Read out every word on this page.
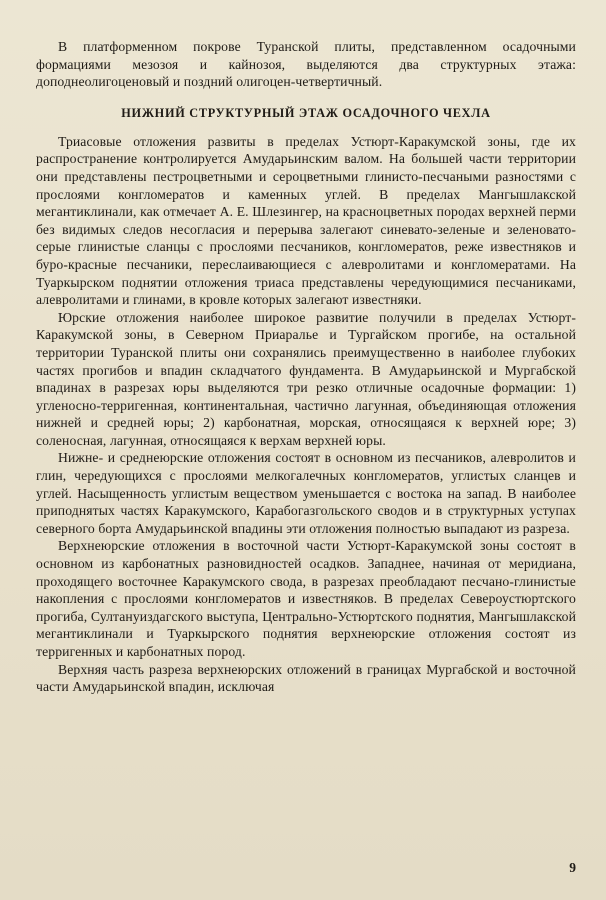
В платформенном покрове Туранской плиты, представленном осадочными формациями мезозоя и кайнозоя, выделяются два структурных этажа: доподнеолигоценовый и поздний олигоцен-четвертичный.

НИЖНИЙ СТРУКТУРНЫЙ ЭТАЖ ОСАДОЧНОГО ЧЕХЛА

Триасовые отложения развиты в пределах Устюрт-Каракумской зоны, где их распространение контролируется Амударьинским валом. На большей части территории они представлены пестроцветными и сероцветными глинисто-песчаными разностями с прослоями конгломератов и каменных углей. В пределах Мангышлакской мегантиклинали, как отмечает А. Е. Шлезингер, на красноцветных породах верхней перми без видимых следов несогласия и перерыва залегают синевато-зеленые и зеленовато-серые глинистые сланцы с прослоями песчаников, конгломератов, реже известняков и буро-красные песчаники, переслаивающиеся с алевролитами и конгломератами. На Туаркырском поднятии отложения триаса представлены чередующимися песчаниками, алевролитами и глинами, в кровле которых залегают известняки.

Юрские отложения наиболее широкое развитие получили в пределах Устюрт-Каракумской зоны, в Северном Приаралье и Тургайском прогибе, на остальной территории Туранской плиты они сохранялись преимущественно в наиболее глубоких частях прогибов и впадин складчатого фундамента. В Амударьинской и Мургабской впадинах в разрезах юры выделяются три резко отличные осадочные формации: 1) угленосно-терригенная, континентальная, частично лагунная, объединяющая отложения нижней и средней юры; 2) карбонатная, морская, относящаяся к верхней юре; 3) соленосная, лагунная, относящаяся к верхам верхней юры.

Нижне- и среднеюрские отложения состоят в основном из песчаников, алевролитов и глин, чередующихся с прослоями мелкогалечных конгломератов, углистых сланцев и углей. Насыщенность углистым веществом уменьшается с востока на запад. В наиболее приподнятых частях Каракумского, Карабогазгольского сводов и в структурных уступах северного борта Амударьинской впадины эти отложения полностью выпадают из разреза.

Верхнеюрские отложения в восточной части Устюрт-Каракумской зоны состоят в основном из карбонатных разновидностей осадков. Западнее, начиная от меридиана, проходящего восточнее Каракумского свода, в разрезах преобладают песчано-глинистые накопления с прослоями конгломератов и известняков. В пределах Североустюртского прогиба, Султануиздагского выступа, Центрально-Устюртского поднятия, Мангышлакской мегантиклинали и Туаркырского поднятия верхнеюрские отложения состоят из терригенных и карбонатных пород.

Верхняя часть разреза верхнеюрских отложений в границах Мургабской и восточной части Амударьинской впадин, исключая

9
